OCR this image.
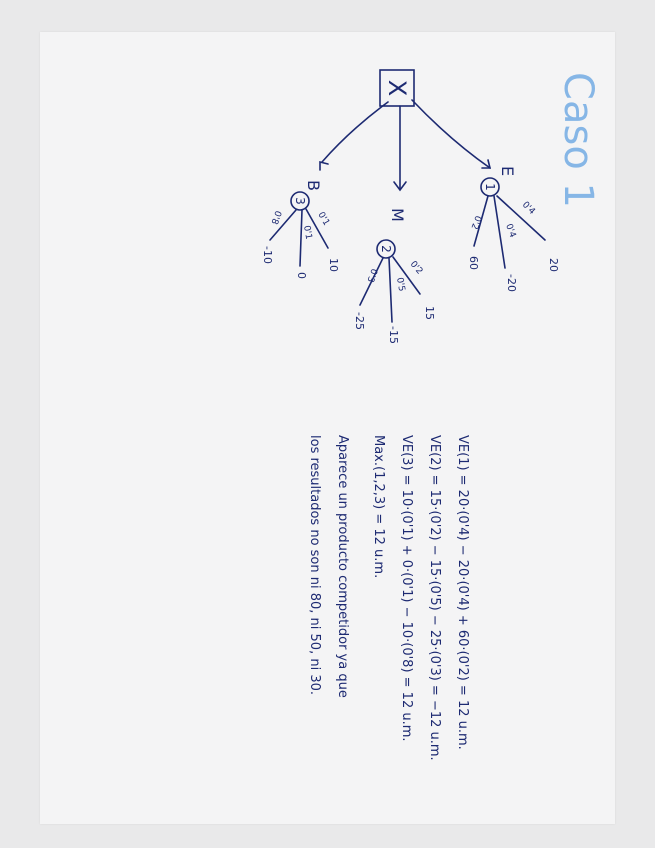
Caso 1
X
E
M
B	1
2
3	0'4
0'4
0'2
20
-20
60
0'2
0'5
0'3
15
-15
-25
0'1
0'1
0'8
10
0
-10
VE(1) = 20·(0'4) − 20·(0'4) + 60·(0'2) = 12 u.m.
VE(2) = 15·(0'2) − 15·(0'5) − 25·(0'3) = −12 u.m.
VE(3) = 10·(0'1) + 0·(0'1) − 10·(0'8) = 12 u.m.
Max.(1,2,3) = 12 u.m.
Aparece un producto competidor ya que
los resultados no son ni 80, ni 50, ni 30.
